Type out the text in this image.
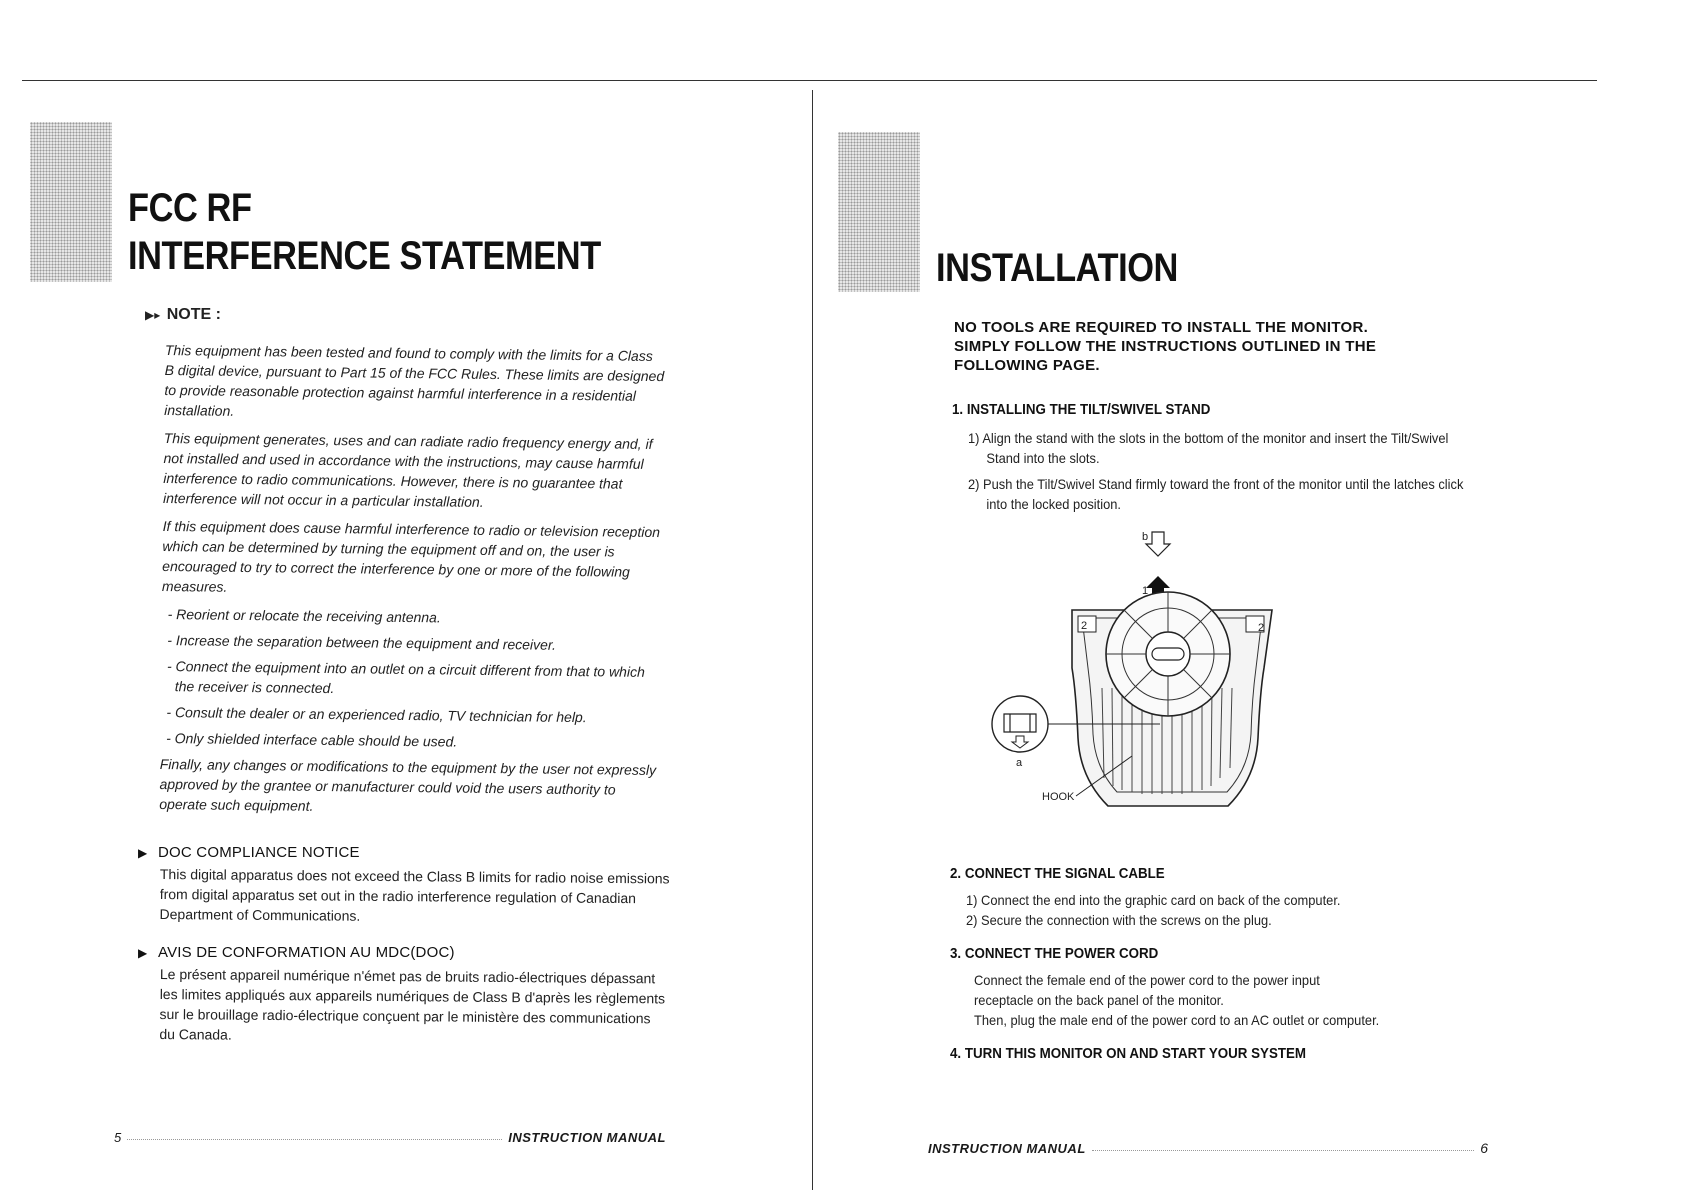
FCC RF
INTERFERENCE STATEMENT
▶▸ NOTE :

This equipment has been tested and found to comply with the limits for a Class B digital device, pursuant to Part 15 of the FCC Rules. These limits are designed to provide reasonable protection against harmful interference in a residential installation.

This equipment generates, uses and can radiate radio frequency energy and, if not installed and used in accordance with the instructions, may cause harmful interference to radio communications. However, there is no guarantee that interference will not occur in a particular installation.

If this equipment does cause harmful interference to radio or television reception which can be determined by turning the equipment off and on, the user is encouraged to try to correct the interference by one or more of the following measures.

- Reorient or relocate the receiving antenna.

- Increase the separation between the equipment and receiver.

- Connect the equipment into an outlet on a circuit different from that to which the receiver is connected.

- Consult the dealer or an experienced radio, TV technician for help.

- Only shielded interface cable should be used.

Finally, any changes or modifications to the equipment by the user not expressly approved by the grantee or manufacturer could void the users authority to operate such equipment.

▶ DOC COMPLIANCE NOTICE
This digital apparatus does not exceed the Class B limits for radio noise emissions from digital apparatus set out in the radio interference regulation of Canadian Department of Communications.
▶ AVIS DE CONFORMATION AU MDC(DOC)
Le présent appareil numérique n'émet pas de bruits radio-électriques dépassant les limites appliqués aux appareils numériques de Class B d'après les règlements sur le brouillage radio-électrique conçuent par le ministère des communications du Canada.
5	INSTRUCTION MANUAL
INSTALLATION
NO TOOLS ARE REQUIRED TO INSTALL THE MONITOR.
SIMPLY FOLLOW THE INSTRUCTIONS OUTLINED IN THE
FOLLOWING PAGE.
1. INSTALLING THE TILT/SWIVEL STAND
1) Align the stand with the slots in the bottom of the monitor and insert the Tilt/Swivel Stand into the slots.
2) Push the Tilt/Swivel Stand firmly toward the front of the monitor until the latches click into the locked position.
b
1
2	2
a
HOOK
2. CONNECT THE SIGNAL CABLE
1) Connect the end into the graphic card on back of the computer.
2) Secure the connection with the screws on the plug.
3. CONNECT THE POWER CORD
Connect the female end of the power cord to the power input
receptacle on the back panel of the monitor.
Then, plug the male end of the power cord to an AC outlet or computer.
4. TURN THIS MONITOR ON AND START YOUR SYSTEM
INSTRUCTION MANUAL	6
